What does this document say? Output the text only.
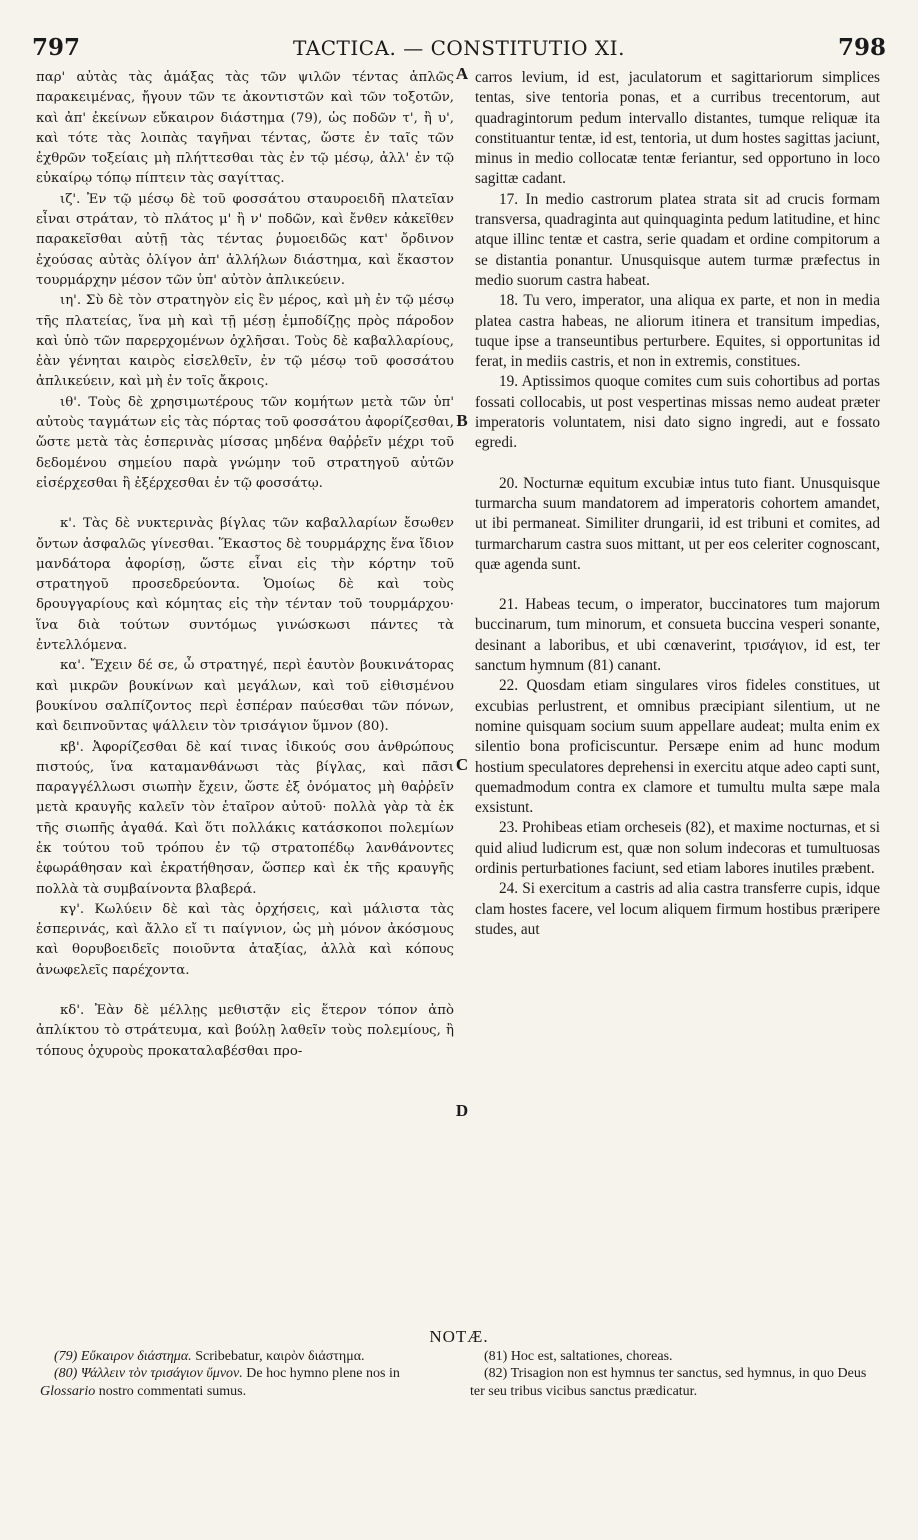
797	TACTICA. — CONSTITUTIO XI.	798

παρ' αὐτὰς τὰς ἁμάξας τὰς τῶν ψιλῶν τέντας ἁπλῶς παρακειμένας, ἤγουν τῶν τε ἀκοντιστῶν καὶ τῶν τοξοτῶν, καὶ ἀπ' ἐκείνων εὔκαιρον διάστημα (79), ὡς ποδῶν τ', ἢ υ', καὶ τότε τὰς λοιπὰς ταγῆναι τέντας, ὥστε ἐν ταῖς τῶν ἐχθρῶν τοξείαις μὴ πλήττεσθαι τὰς ἐν τῷ μέσῳ, ἀλλ' ἐν τῷ εὐκαίρῳ τόπῳ πίπτειν τὰς σαγίττας.

ιζ'. Ἐν τῷ μέσῳ δὲ τοῦ φοσσάτου σταυροειδῆ πλατεῖαν εἶναι στράταν, τὸ πλάτος μ' ἢ ν' ποδῶν, καὶ ἔνθεν κἀκεῖθεν παρακεῖσθαι αὐτῇ τὰς τέντας ῥυμοειδῶς κατ' ὄρδινον ἐχούσας αὐτὰς ὀλίγον ἀπ' ἀλλήλων διάστημα, καὶ ἕκαστον τουρμάρχην μέσον τῶν ὑπ' αὐτὸν ἀπλικεύειν.

ιη'. Σὺ δὲ τὸν στρατηγὸν εἰς ἓν μέρος, καὶ μὴ ἐν τῷ μέσῳ τῆς πλατείας, ἵνα μὴ καὶ τῇ μέσῃ ἐμποδίζῃς πρὸς πάροδον καὶ ὑπὸ τῶν παρερχομένων ὀχλῆσαι. Τοὺς δὲ καβαλλαρίους, ἐὰν γένηται καιρὸς εἰσελθεῖν, ἐν τῷ μέσῳ τοῦ φοσσάτου ἀπλικεύειν, καὶ μὴ ἐν τοῖς ἄκροις.

ιθ'. Τοὺς δὲ χρησιμωτέρους τῶν κομήτων μετὰ τῶν ὑπ' αὐτοὺς ταγμάτων εἰς τὰς πόρτας τοῦ φοσσάτου ἀφορίζεσθαι, ὥστε μετὰ τὰς ἑσπερινὰς μίσσας μηδένα θαῤῥεῖν μέχρι τοῦ δεδομένου σημείου παρὰ γνώμην τοῦ στρατηγοῦ αὐτῶν εἰσέρχεσθαι ἢ ἐξέρχεσθαι ἐν τῷ φοσσάτῳ.

κ'. Τὰς δὲ νυκτερινὰς βίγλας τῶν καβαλλαρίων ἔσωθεν ὄντων ἀσφαλῶς γίνεσθαι. Ἕκαστος δὲ τουρμάρχης ἕνα ἴδιον μανδάτορα ἀφορίσῃ, ὥστε εἶναι εἰς τὴν κόρτην τοῦ στρατηγοῦ προσεδρεύοντα. Ὁμοίως δὲ καὶ τοὺς δρουγγαρίους καὶ κόμητας εἰς τὴν τένταν τοῦ τουρμάρχου· ἵνα διὰ τούτων συντόμως γινώσκωσι πάντες τὰ ἐντελλόμενα.

κα'. Ἔχειν δέ σε, ὦ στρατηγέ, περὶ ἑαυτὸν βουκινάτορας καὶ μικρῶν βουκίνων καὶ μεγάλων, καὶ τοῦ εἰθισμένου βουκίνου σαλπίζοντος περὶ ἑσπέραν παύεσθαι τῶν πόνων, καὶ δειπνοῦντας ψάλλειν τὸν τρισάγιον ὕμνον (80).

κβ'. Ἀφορίζεσθαι δὲ καί τινας ἰδικούς σου ἀνθρώπους πιστούς, ἵνα καταμανθάνωσι τὰς βίγλας, καὶ πᾶσι παραγγέλλωσι σιωπὴν ἔχειν, ὥστε ἐξ ὀνόματος μὴ θαῤῥεῖν μετὰ κραυγῆς καλεῖν τὸν ἑταῖρον αὐτοῦ· πολλὰ γὰρ τὰ ἐκ τῆς σιωπῆς ἀγαθά. Καὶ ὅτι πολλάκις κατάσκοποι πολεμίων ἐκ τούτου τοῦ τρόπου ἐν τῷ στρατοπέδῳ λανθάνοντες ἐφωράθησαν καὶ ἐκρατήθησαν, ὥσπερ καὶ ἐκ τῆς κραυγῆς πολλὰ τὰ συμβαίνοντα βλαβερά.

κγ'. Κωλύειν δὲ καὶ τὰς ὀρχήσεις, καὶ μάλιστα τὰς ἑσπερινάς, καὶ ἄλλο εἴ τι παίγνιον, ὡς μὴ μόνον ἀκόσμους καὶ θορυβοειδεῖς ποιοῦντα ἀταξίας, ἀλλὰ καὶ κόπους ἀνωφελεῖς παρέχοντα.

κδ'. Ἐὰν δὲ μέλλῃς μεθιστᾷν εἰς ἕτερον τόπον ἀπὸ ἀπλίκτου τὸ στράτευμα, καὶ βούλῃ λαθεῖν τοὺς πολεμίους, ἢ τόπους ὀχυροὺς προκαταλαβέσθαι προ-

A
B
C
D

carros levium, id est, jaculatorum et sagittariorum simplices tentas, sive tentoria ponas, et a curribus trecentorum, aut quadragintorum pedum intervallo distantes, tumque reliquæ ita constituantur tentæ, id est, tentoria, ut dum hostes sagittas jaciunt, minus in medio collocatæ tentæ feriantur, sed opportuno in loco sagittæ cadant.

17. In medio castrorum platea strata sit ad crucis formam transversa, quadraginta aut quinquaginta pedum latitudine, et hinc atque illinc tentæ et castra, serie quadam et ordine compitorum a se distantia ponantur. Unusquisque autem turmæ præfectus in medio suorum castra habeat.

18. Tu vero, imperator, una aliqua ex parte, et non in media platea castra habeas, ne aliorum itinera et transitum impedias, tuque ipse a transeuntibus perturbere. Equites, si opportunitas id ferat, in mediis castris, et non in extremis, constitues.

19. Aptissimos quoque comites cum suis cohortibus ad portas fossati collocabis, ut post vespertinas missas nemo audeat præter imperatoris voluntatem, nisi dato signo ingredi, aut e fossato egredi.

20. Nocturnæ equitum excubiæ intus tuto fiant. Unusquisque turmarcha suum mandatorem ad imperatoris cohortem amandet, ut ibi permaneat. Similiter drungarii, id est tribuni et comites, ad turmarcharum castra suos mittant, ut per eos celeriter cognoscant, quæ agenda sunt.

21. Habeas tecum, o imperator, buccinatores tum majorum buccinarum, tum minorum, et consueta buccina vesperi sonante, desinant a laboribus, et ubi cœnaverint, τρισάγιον, id est, ter sanctum hymnum (81) canant.

22. Quosdam etiam singulares viros fideles constitues, ut excubias perlustrent, et omnibus præcipiant silentium, ut ne nomine quisquam socium suum appellare audeat; multa enim ex silentio bona proficiscuntur. Persæpe enim ad hunc modum hostium speculatores deprehensi in exercitu atque adeo capti sunt, quemadmodum contra ex clamore et tumultu multa sæpe mala exsistunt.

23. Prohibeas etiam orcheseis (82), et maxime nocturnas, et si quid aliud ludicrum est, quæ non solum indecoras et tumultuosas ordinis perturbationes faciunt, sed etiam labores inutiles præbent.

24. Si exercitum a castris ad alia castra transferre cupis, idque clam hostes facere, vel locum aliquem firmum hostibus præripere studes, aut

NOTÆ.

(79) Εὔκαιρον διάστημα. Scribebatur, καιρὸν διάστημα.

(80) Ψάλλειν τὸν τρισάγιον ὕμνον. De hoc hymno plene nos in Glossario nostro commentati sumus.

(81) Hoc est, saltationes, choreas.

(82) Trisagion non est hymnus ter sanctus, sed hymnus, in quo Deus ter seu tribus vicibus sanctus prædicatur.
